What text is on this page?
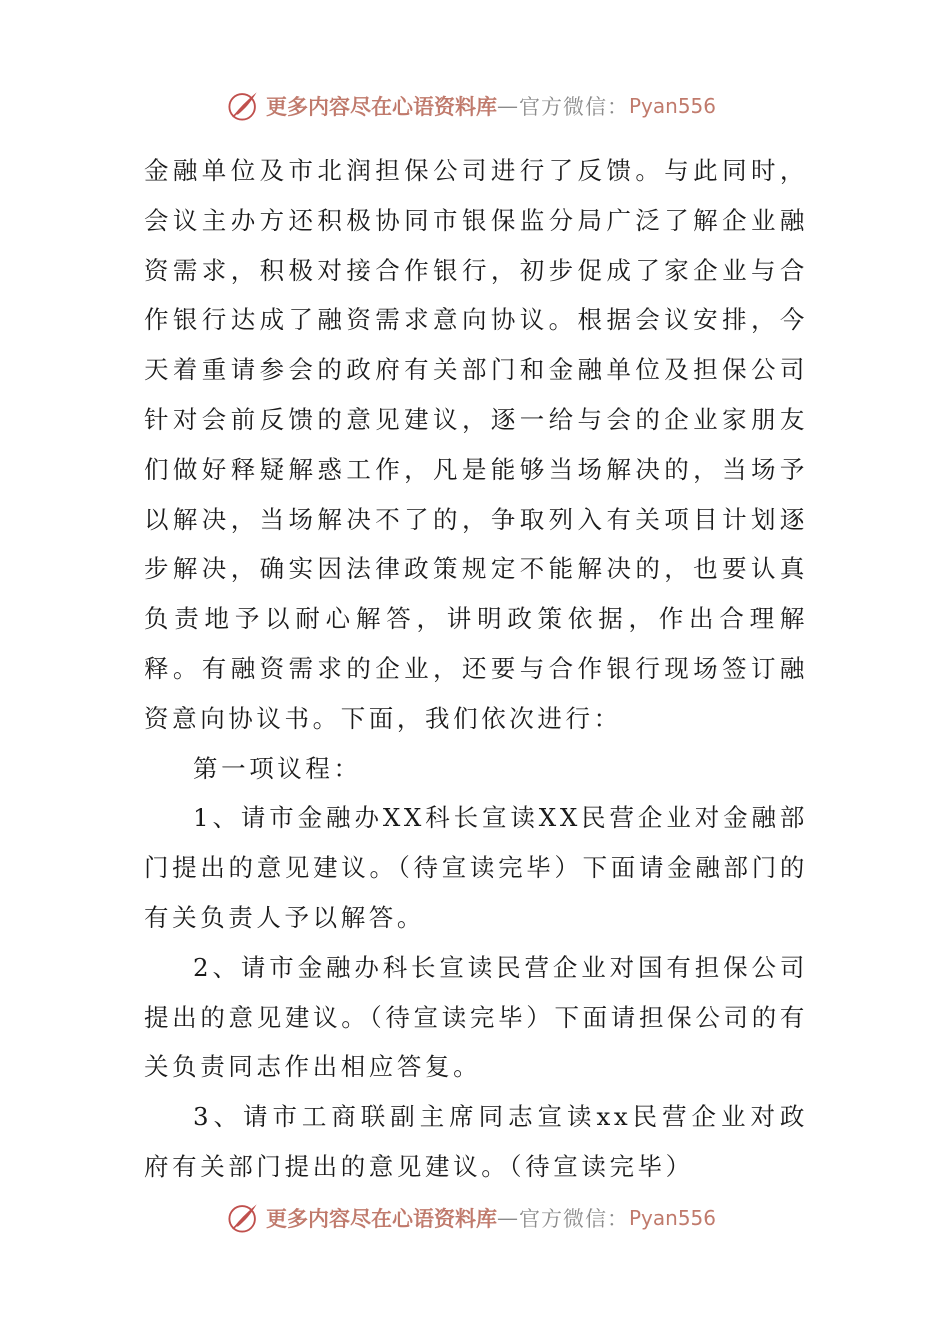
更多内容尽在心语资料库 — 官方微信： Pyan556

金融单位及市北润担保公司进行了反馈。与此同时，会议主办方还积极协同市银保监分局广泛了解企业融资需求，积极对接合作银行，初步促成了家企业与合作银行达成了融资需求意向协议。根据会议安排，今天着重请参会的政府有关部门和金融单位及担保公司针对会前反馈的意见建议，逐一给与会的企业家朋友们做好释疑解惑工作，凡是能够当场解决的，当场予以解决，当场解决不了的，争取列入有关项目计划逐步解决，确实因法律政策规定不能解决的，也要认真负责地予以耐心解答，讲明政策依据，作出合理解释。有融资需求的企业，还要与合作银行现场签订融资意向协议书。下面，我们依次进行：

第一项议程：

1、请市金融办XX科长宣读XX民营企业对金融部门提出的意见建议。（待宣读完毕）下面请金融部门的有关负责人予以解答。

2、请市金融办科长宣读民营企业对国有担保公司提出的意见建议。（待宣读完毕）下面请担保公司的有关负责同志作出相应答复。

3、请市工商联副主席同志宣读xx民营企业对政府有关部门提出的意见建议。（待宣读完毕）

更多内容尽在心语资料库 — 官方微信： Pyan556
